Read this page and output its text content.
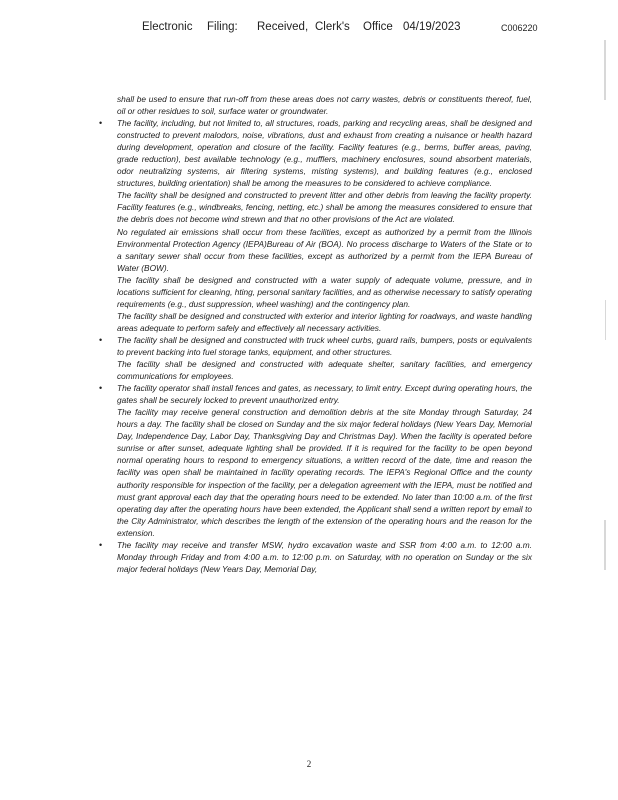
Electronic Filing: Received, Clerk's Office 04/19/2023	C006220

shall be used to ensure that run-off from these areas does not carry wastes, debris or constituents thereof, fuel, oil or other residues to soil, surface water or groundwater.

• The facility, including, but not limited to, all structures, roads, parking and recycling areas, shall be designed and constructed to prevent malodors, noise, vibrations, dust and exhaust from creating a nuisance or health hazard during development, operation and closure of the facility. Facility features (e.g., berms, buffer areas, paving, grade reduction), best available technology (e.g., mufflers, machinery enclosures, sound absorbent materials, odor neutralizing systems, air filtering systems, misting systems), and building features (e.g., enclosed structures, building orientation) shall be among the measures to be considered to achieve compliance.

The facility shall be designed and constructed to prevent litter and other debris from leaving the facility property. Facility features (e.g., windbreaks, fencing, netting, etc.) shall be among the measures considered to ensure that the debris does not become wind strewn and that no other provisions of the Act are violated.

No regulated air emissions shall occur from these facilities, except as authorized by a permit from the Illinois Environmental Protection Agency (IEPA)Bureau of Air (BOA). No process discharge to Waters of the State or to a sanitary sewer shall occur from these facilities, except as authorized by a permit from the IEPA Bureau of Water (BOW).

The facility shall be designed and constructed with a water supply of adequate volume, pressure, and in locations sufficient for cleaning, hting, personal sanitary facilities, and as otherwise necessary to satisfy operating requirements (e.g., dust suppression, wheel washing) and the contingency plan.

The facility shall be designed and constructed with exterior and interior lighting for roadways, and waste handling areas adequate to perform safely and effectively all necessary activities.

• The facility shall be designed and constructed with truck wheel curbs, guard rails, bumpers, posts or equivalents to prevent backing into fuel storage tanks, equipment, and other structures.

The facility shall be designed and constructed with adequate shelter, sanitary facilities, and emergency communications for employees.

• The facility operator shall install fences and gates, as necessary, to limit entry. Except during operating hours, the gates shall be securely locked to prevent unauthorized entry.

The facility may receive general construction and demolition debris at the site Monday through Saturday, 24 hours a day. The facility shall be closed on Sunday and the six major federal holidays (New Years Day, Memorial Day, Independence Day, Labor Day, Thanksgiving Day and Christmas Day). When the facility is operated before sunrise or after sunset, adequate lighting shall be provided. If it is required for the facility to be open beyond normal operating hours to respond to emergency situations, a written record of the date, time and reason the facility was open shall be maintained in facility operating records. The IEPA's Regional Office and the county authority responsible for inspection of the facility, per a delegation agreement with the IEPA, must be notified and must grant approval each day that the operating hours need to be extended. No later than 10:00 a.m. of the first operating day after the operating hours have been extended, the Applicant shall send a written report by email to the City Administrator, which describes the length of the extension of the operating hours and the reason for the extension.

• The facility may receive and transfer MSW, hydro excavation waste and SSR from 4:00 a.m. to 12:00 a.m. Monday through Friday and from 4:00 a.m. to 12:00 p.m. on Saturday, with no operation on Sunday or the six major federal holidays (New Years Day, Memorial Day,

2
